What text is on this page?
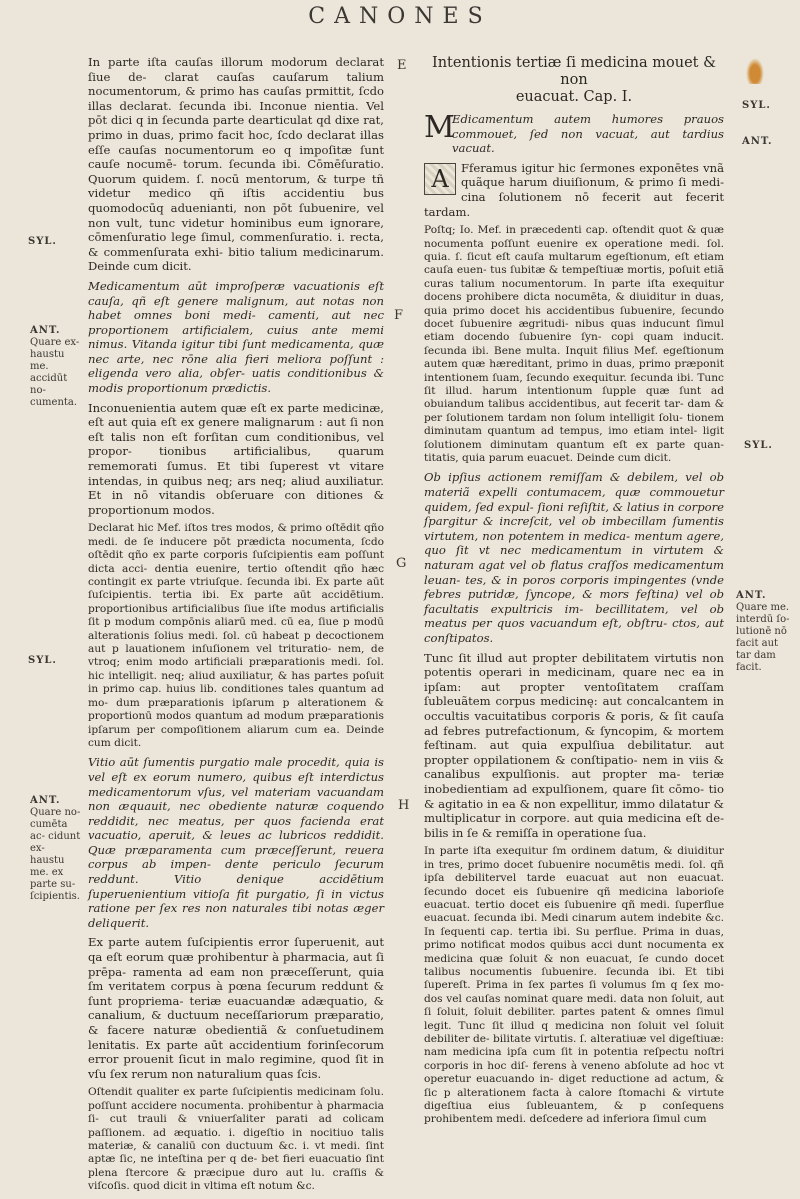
CANONES
E
F
G
H
SYL.
ANT.
Quare ex- haustu me. accidūt no- cumenta.
SYL.
ANT.
Quare no- cumēta ac- cidunt ex- haustu me. ex parte su- ſcipientis.
SYL.
ANT.
SYL.
ANT.
Quare me. interdū ſo- lutionē nō facit aut tar dam facit.

In parte iſta cauſas illorum modorum declarat ſiue de- clarat cauſas cauſarum talium nocumentorum, & primo has cauſas prmittit, ſcdo illas declarat. ſecunda ibi. Inconue nientia. Vel pōt dici q in ſecunda parte dearticulat qd dixe rat, primo in duas, primo facit hoc, ſcdo declarat illas eſſe cauſas nocumentorum eo q impoſitæ ſunt cauſe nocumē- torum. ſecunda ibi. Cōmēſuratio. Quorum quidem. ſ. nocū mentorum, & turpe tñ videtur medico qñ iſtis accidentiu bus quomodocūq aduenianti, non pōt ſubuenire, vel non vult, tunc videtur hominibus eum ignorare, cōmenſuratio lege ſimul, commenſuratio. i. recta, & commenſurata exhi- bitio talium medicinarum. Deinde cum dicit.

Medicamentum aūt improſperæ vacuationis eſt cauſa, qñ eſt genere malignum, aut notas non habet omnes boni medi- camenti, aut nec proportionem artificialem, cuius ante memi nimus. Vitanda igitur tibi ſunt medicamenta, quæ nec arte, nec rōne alia fieri meliora poſſunt : eligenda vero alia, obſer- uatis conditionibus & modis proportionum prædictis.

Inconuenientia autem quæ eſt ex parte medicinæ, eſt aut quia eſt ex genere malignarum : aut ſi non eſt talis non eſt forſitan cum conditionibus, vel propor- tionibus artificialibus, quarum rememorati ſumus. Et tibi ſuperest vt vitare intendas, in quibus neq; ars neq; aliud auxiliatur. Et in nō vitandis obſeruare con ditiones & proportionum modos.

Declarat hic Mef. iſtos tres modos, & primo oſtēdit qño medi. de ſe inducere pōt prædicta nocumenta, ſcdo oſtēdit qño ex parte corporis ſuſcipientis eam poſſunt dicta acci- dentia euenire, tertio oſtendit qño hæc contingit ex parte vtriuſque. ſecunda ibi. Ex parte aūt ſuſcipientis. tertia ibi. Ex parte aūt accidētium. proportionibus artificialibus ſiue iſte modus artificialis ſit p modum compōnis aliarū med. cū ea, ſiue p modū alterationis ſolius medi. ſol. cū habeat p decoctionem aut p lauationem inſuſionem vel trituratio- nem, de vtroq; enim modo artificiali præparationis medi. ſol. hic intelligit. neq; aliud auxiliatur, & has partes poſuit in primo cap. huius lib. conditiones tales quantum ad mo- dum præparationis ipſarum p alterationem & proportionū modos quantum ad modum præparationis ipſarum per compoſitionem aliarum cum ea. Deinde cum dicit.

Vitio aūt ſumentis purgatio male procedit, quia is vel eſt ex eorum numero, quibus eſt interdictus medicamentorum vſus, vel materiam vacuandam non æquauit, nec obediente naturæ coquendo reddidit, nec meatus, per quos facienda erat vacuatio, aperuit, & leues ac lubricos reddidit. Quæ præparamenta cum præceſſerunt, reuera corpus ab impen- dente periculo ſecurum reddunt. Vitio denique accidētium ſuperuenientium vitioſa fit purgatio, ſi in victus ratione per ſex res non naturales tibi notas æger deliquerit.

Ex parte autem ſuſcipientis error ſuperuenit, aut qa eſt eorum quæ prohibentur à pharmacia, aut ſi prēpa- ramenta ad eam non præceſſerunt, quia ſm veritatem corpus à pœna ſecurum reddunt & ſunt propriema- teriæ euacuandæ adæquatio, & canalium, & ductuum neceſſariorum præparatio, & facere naturæ obedientiã & conſuetudinem lenitatis. Ex parte aūt accidentium forinſecorum error prouenit ſicut in malo regimine, quod ſit in vſu ſex rerum non naturalium quas ſcis.

Oſtendit qualiter ex parte ſuſcipientis medicinam ſolu. poſſunt accidere nocumenta. prohibentur à pharmacia ſi- cut trauli & vniuerſaliter parati ad colicam paſſionem. ad æquatio. i. digeſtio in nocitiuo talis materiæ, & canaliū con ductuum &c. i. vt medi. ſint aptæ ſic, ne inteſtina per q de- bet fieri euacuatio ſint plena ſtercore & præcipue duro aut lu. craſſis & viſcoſis. quod dicit in vltima eſt notum &c.

Intentionis tertiæ ſi medicina mouet & non
euacuat. Cap. I.

M
Edicamentum autem humores prauos commouet, ſed non vacuat, aut tardius vacuat.

A	Fferamus igitur hic ſermones exponētes vnã quãque harum diuiſionum, & primo ſi medi- cina ſolutionem nō fecerit aut fecerit tardam.

Poſtq; Io. Mef. in præcedenti cap. oſtendit quot & quæ nocumenta poſſunt euenire ex operatione medi. ſol. quia. ſ. ſicut eſt cauſa multarum egeſtionum, eſt etiam cauſa euen- tus ſubitæ & tempeſtiuæ mortis, poſuit etiã curas talium nocumentorum. In parte iſta exequitur docens prohibere dicta nocumēta, & diuiditur in duas, quia primo docet his accidentibus ſubuenire, ſecundo docet ſubuenire ægritudi- nibus quas inducunt ſimul etiam docendo ſubuenire ſyn- copi quam inducit. ſecunda ibi. Bene multa. Inquit filius Mef. egeſtionum autem quæ hæreditant, primo in duas, primo præponit intentionem ſuam, ſecundo exequitur. ſecunda ibi. Tunc ſit illud. harum intentionum ſupple quæ ſunt ad obuiandum talibus accidentibus, aut fecerit tar- dam & per ſolutionem tardam non ſolum intelligit ſolu- tionem diminutam quantum ad tempus, imo etiam intel- ligit ſolutionem diminutam quantum eſt ex parte quan- titatis, quia parum euacuet. Deinde cum dicit.

Ob ipſius actionem remiſſam & debilem, vel ob materiã expelli contumacem, quæ commouetur quidem, ſed expul- ſioni reſiſtit, & latius in corpore ſpargitur & increſcit, vel ob imbecillam ſumentis virtutem, non potentem in medica- mentum agere, quo ſit vt nec medicamentum in virtutem & naturam agat vel ob flatus craſſos medicamentum leuan- tes, & in poros corporis impingentes (vnde febres putridæ, ſyncope, & mors feſtina) vel ob facultatis expultricis im- becillitatem, vel ob meatus per quos vacuandum eſt, obſtru- ctos, aut conſtipatos.

Tunc ſit illud aut propter debilitatem virtutis non potentis operari in medicinam, quare nec ea in ipſam: aut propter ventoſitatem craſſam ſubleuãtem corpus medicinę: aut concalcantem in occultis vacuitatibus corporis & poris, & ſit cauſa ad febres putrefactionum, & ſyncopim, & mortem feſtinam. aut quia expulſiua debilitatur. aut propter oppilationem & conſtipatio- nem in viis & canalibus expulſionis. aut propter ma- teriæ inobedientiam ad expulſionem, quare ſit cōmo- tio & agitatio in ea & non expellitur, immo dilatatur & multiplicatur in corpore. aut quia medicina eſt de- bilis in ſe & remiſſa in operatione ſua.

In parte iſta exequitur ſm ordinem datum, & diuiditur in tres, primo docet ſubuenire nocumētis medi. ſol. qñ ipſa debilitervel tarde euacuat aut non euacuat. ſecundo docet eis ſubuenire qñ medicina laborioſe euacuat. tertio docet eis ſubuenire qñ medi. ſuperflue euacuat. ſecunda ibi. Medi cinarum autem indebite &c. In ſequenti cap. tertia ibi. Su perflue. Prima in duas, primo notificat modos quibus acci dunt nocumenta ex medicina quæ ſoluit & non euacuat, ſe cundo docet talibus nocumentis ſubuenire. ſecunda ibi. Et tibi ſupereſt. Prima in ſex partes ſi volumus ſm q ſex mo- dos vel cauſas nominat quare medi. data non ſoluit, aut ſi ſoluit, ſoluit debiliter. partes patent & omnes ſimul legit. Tunc ſit illud q medicina non ſoluit vel ſoluit debiliter de- bilitate virtutis. ſ. alteratiuæ vel digeſtiuæ: nam medicina ipſa cum ſit in potentia reſpectu noſtri corporis in hoc diſ- ferens à veneno abſolute ad hoc vt operetur euacuando in- diget reductione ad actum, & ſic p alterationem facta à calore ſtomachi & virtute digeſtiua eius ſubleuantem, & p conſequens prohibentem medi. deſcedere ad inferiora ſimul cum
